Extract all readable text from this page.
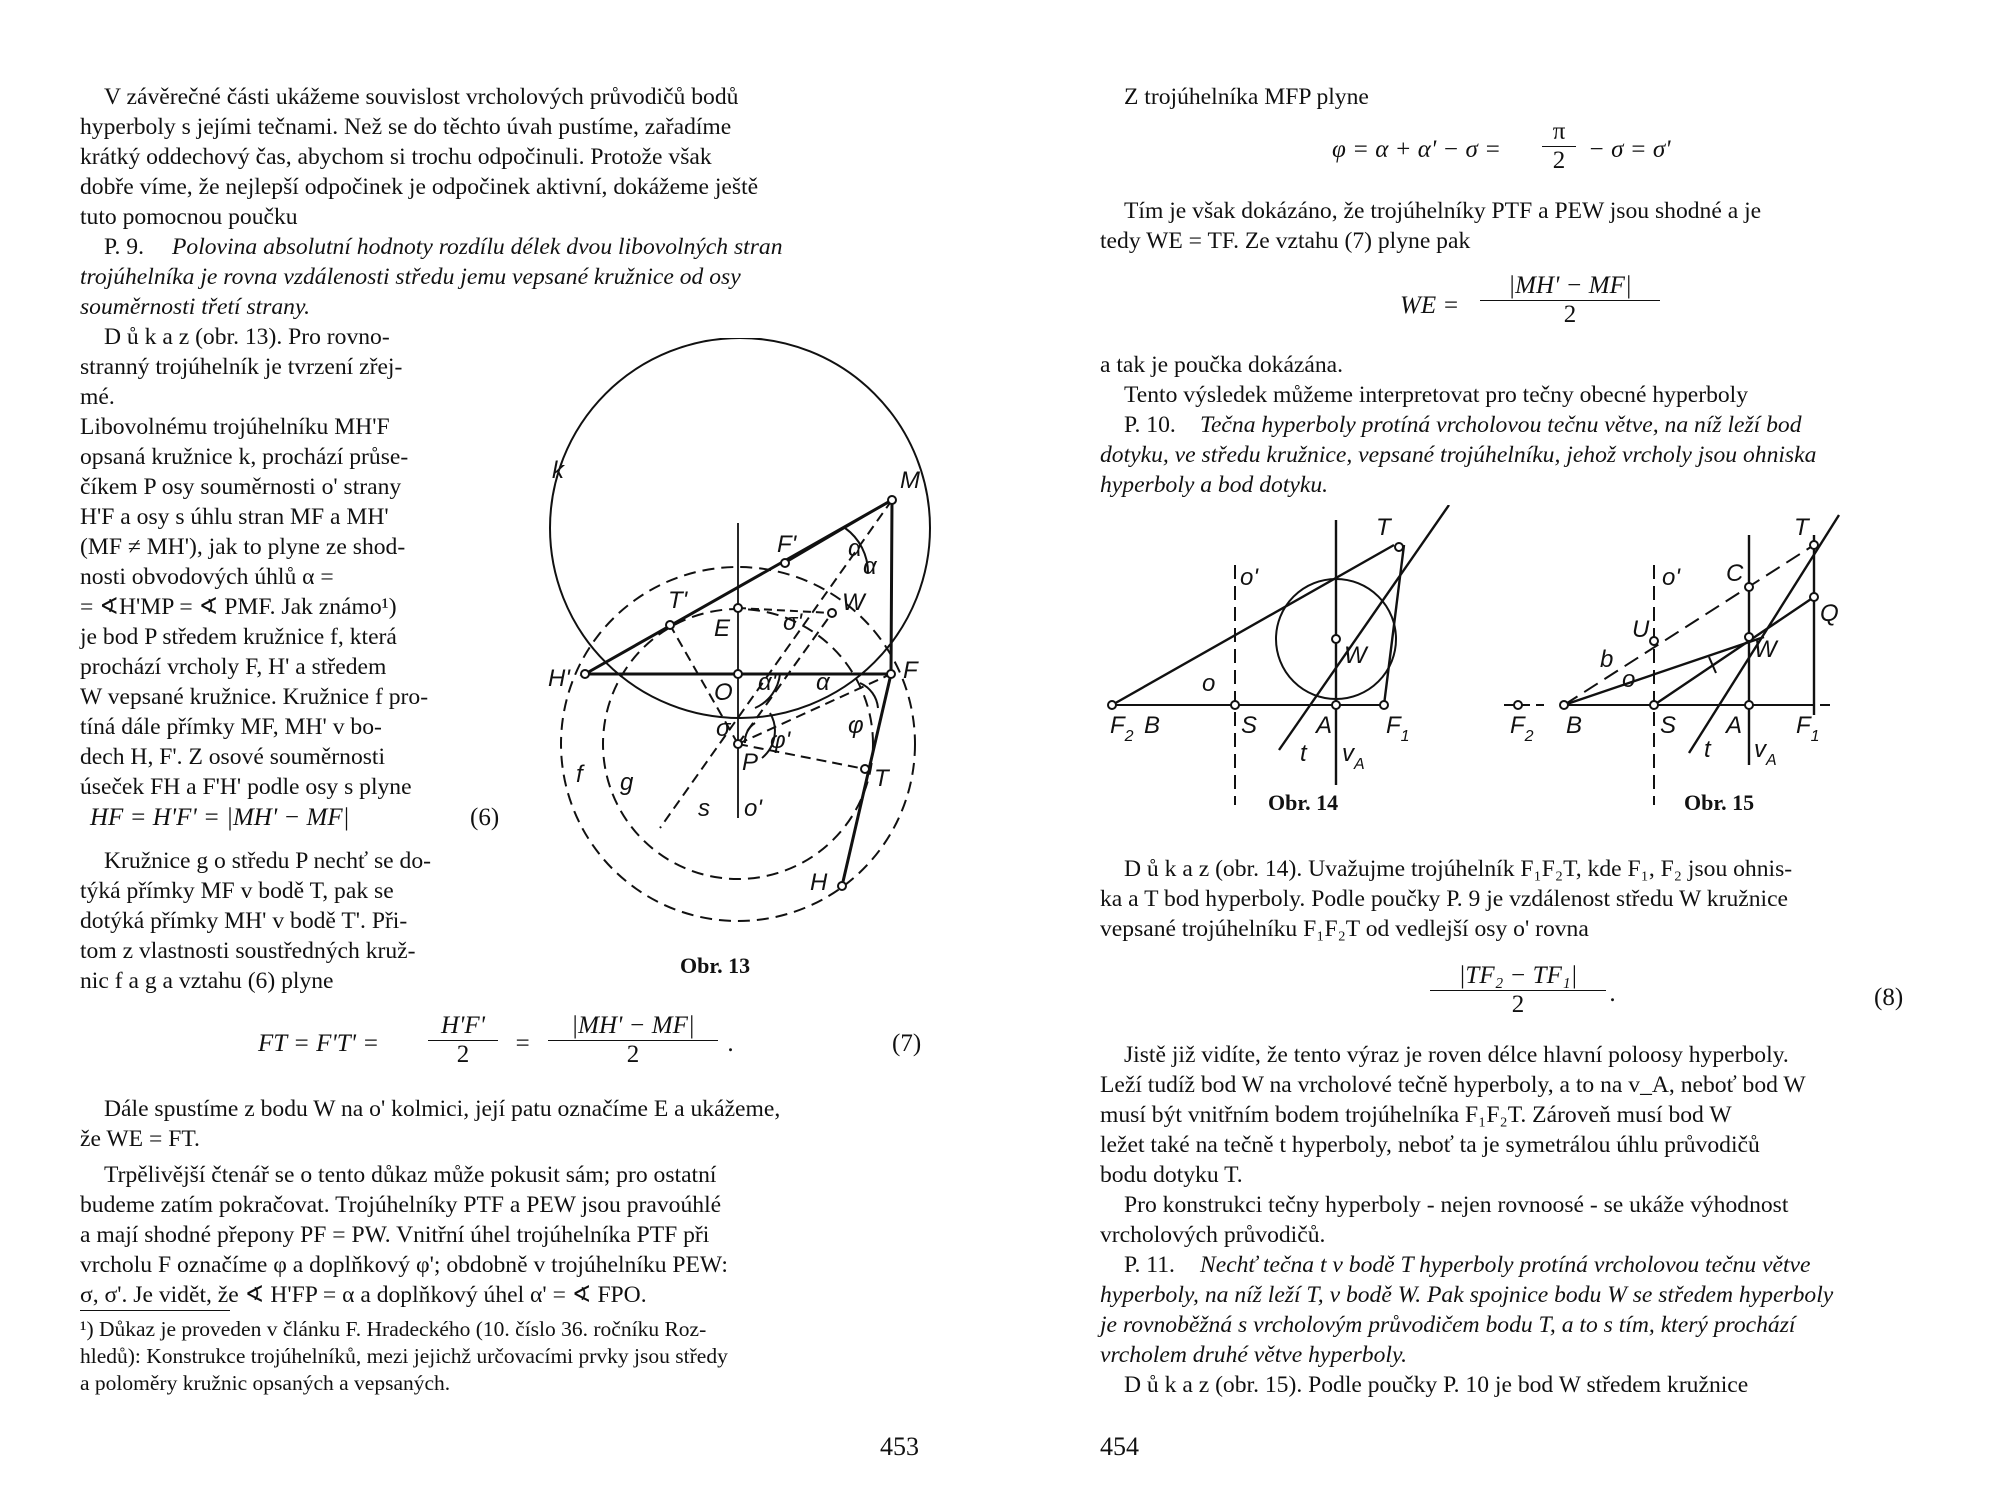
V závěrečné části ukážeme souvislost vrcholových průvodičů bodů
hyperboly s jejími tečnami. Než se do těchto úvah pustíme, zařadíme
krátký oddechový čas, abychom si trochu odpočinuli. Protože však
dobře víme, že nejlepší odpočinek je odpočinek aktivní, dokážeme ještě
tuto pomocnou poučku
P. 9. Polovina absolutní hodnoty rozdílu délek dvou libovolných stran
trojúhelníka je rovna vzdálenosti středu jemu vepsané kružnice od osy
souměrnosti třetí strany.
D ů k a z (obr. 13). Pro rovno-
stranný trojúhelník je tvrzení zřej-
mé.
Libovolnému trojúhelníku MH'F
opsaná kružnice k, prochází průse-
číkem P osy souměrnosti o' strany
H'F a osy s úhlu stran MF a MH'
(MF ≠ MH'), jak to plyne ze shod-
nosti obvodových úhlů α =
= ∢H'MP = ∢ PMF. Jak známo¹)
je bod P středem kružnice f, která
prochází vrcholy F, H' a středem
W vepsané kružnice. Kružnice f pro-
tíná dále přímky MF, MH' v bo-
dech H, F'. Z osové souměrnosti
úseček FH a F'H' podle osy s plyne
HF = H'F' = |MH' − MF|	(6)
Kružnice g o středu P nechť se do-
týká přímky MF v bodě T, pak se
dotýká přímky MH' v bodě T'. Při-
tom z vlastnosti soustředných kruž-
nic f a g a vztahu (6) plyne
k	M
F' α
α
T'
E σ'
W
H'
O α' α	F
σ φ'
φ
P
f g
s o'
T
H
Obr. 13
FT = $F'T' = \frac{H'F'}{2} = \frac{|MH' - MF|}{2}$ .	(7)
Dále spustíme z bodu W na o' kolmici, její patu označíme E a ukážeme,
že WE = FT.
Trpělivější čtenář se o tento důkaz může pokusit sám; pro ostatní
budeme zatím pokračovat. Trojúhelníky PTF a PEW jsou pravoúhlé
a mají shodné přepony PF = PW. Vnitřní úhel trojúhelníka PTF při
vrcholu F označíme φ a doplňkový φ'; obdobně v trojúhelníku PEW:
σ, σ'. Je vidět, že ∢ H'FP = α a doplňkový úhel α' = ∢ FPO.
¹) Důkaz je proveden v článku F. Hradeckého (10. číslo 36. ročníku Roz-
hledů): Konstrukce trojúhelníků, mezi jejichž určovacími prvky jsou středy
a poloměry kružnic opsaných a vepsaných.
453
Z trojúhelníka MFP plyne
$\varphi = \alpha + \alpha' - \sigma = \frac{\pi}{2} - \sigma = \sigma'$
Tím je však dokázáno, že trojúhelníky PTF a PEW jsou shodné a je
tedy WE = TF. Ze vztahu (7) plyne pak
WE = $\frac{|MH' - MF|}{2}$
a tak je poučka dokázána.
Tento výsledek můžeme interpretovat pro tečny obecné hyperboly
P. 10. Tečna hyperboly protíná vrcholovou tečnu větve, na níž leží bod
dotyku, ve středu kružnice, vepsané trojúhelníku, jehož vrcholy jsou ohniska
hyperboly a bod dotyku.
T
o'
W
o
$F_2$ B	S A $F_1$
t $v_A$
Obr. 14
T
o' C
Q
U
W
b
o
$F_2$ B	S A $F_1$
t $v_A$
Obr. 15
D ů k a z (obr. 14). Uvažujme trojúhelník F₁F₂T, kde F₁, F₂ jsou ohnis-
ka a T bod hyperboly. Podle poučky P. 9 je vzdálenost středu W kružnice
vepsané trojúhelníku F₁F₂T od vedlejší osy o' rovna
$\frac{\text{|TF₂ − TF₁|}}{2}$ .	(8)
Jistě již vidíte, že tento výraz je roven délce hlavní poloosy hyperboly.
Leží tudíž bod W na vrcholové tečně hyperboly, a to na v_A, neboť bod W
musí být vnitřním bodem trojúhelníka F₁F₂T. Zároveň musí bod W
ležet také na tečně t hyperboly, neboť ta je symetrálou úhlu průvodičů
bodu dotyku T.
Pro konstrukci tečny hyperboly - nejen rovnoosé - se ukáže výhodnost
vrcholových průvodičů.
P. 11. Nechť tečna t v bodě T hyperboly protíná vrcholovou tečnu větve
hyperboly, na níž leží T, v bodě W. Pak spojnice bodu W se středem hyperboly
je rovnoběžná s vrcholovým průvodičem bodu T, a to s tím, který prochází
vrcholem druhé větve hyperboly.
D ů k a z (obr. 15). Podle poučky P. 10 je bod W středem kružnice
454
